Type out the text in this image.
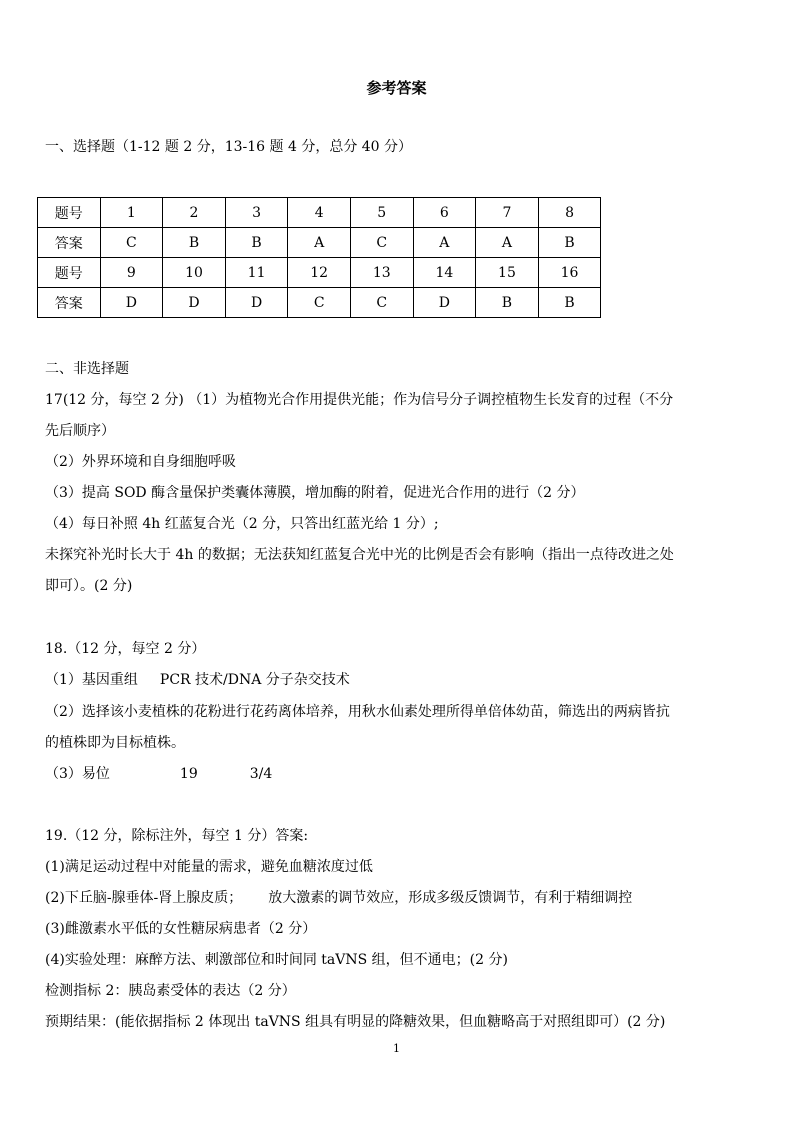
参考答案
一、选择题（1-12 题 2 分，13-16 题 4 分，总分 40 分）
题号	1	2	3	4	5	6	7	8
答案	C	B	B	A	C	A	A	B
题号	9	10	11	12	13	14	15	16
答案	D	D	D	C	C	D	B	B
二、非选择题
17(12 分，每空 2 分) （1）为植物光合作用提供光能；作为信号分子调控植物生长发育的过程（不分
先后顺序）
（2）外界环境和自身细胞呼吸
（3）提高 SOD 酶含量保护类囊体薄膜，增加酶的附着，促进光合作用的进行（2 分）
（4）每日补照 4h 红蓝复合光（2 分，只答出红蓝光给 1 分）;
未探究补光时长大于 4h 的数据；无法获知红蓝复合光中光的比例是否会有影响（指出一点待改进之处
即可）。(2 分)
18.（12 分，每空 2 分）
（1）基因重组 PCR 技术/DNA 分子杂交技术
（2）选择该小麦植株的花粉进行花药离体培养，用秋水仙素处理所得单倍体幼苗，筛选出的两病皆抗
的植株即为目标植株。
（3）易位	19	3/4
19.（12 分，除标注外，每空 1 分）答案:
(1)满足运动过程中对能量的需求，避免血糖浓度过低
(2)下丘脑-腺垂体-肾上腺皮质； 放大激素的调节效应，形成多级反馈调节，有利于精细调控
(3)雌激素水平低的女性糖尿病患者（2 分）
(4)实验处理：麻醉方法、刺激部位和时间同 taVNS 组，但不通电；(2 分)
检测指标 2：胰岛素受体的表达（2 分）
预期结果：(能依据指标 2 体现出 taVNS 组具有明显的降糖效果，但血糖略高于对照组即可）(2 分)
1
